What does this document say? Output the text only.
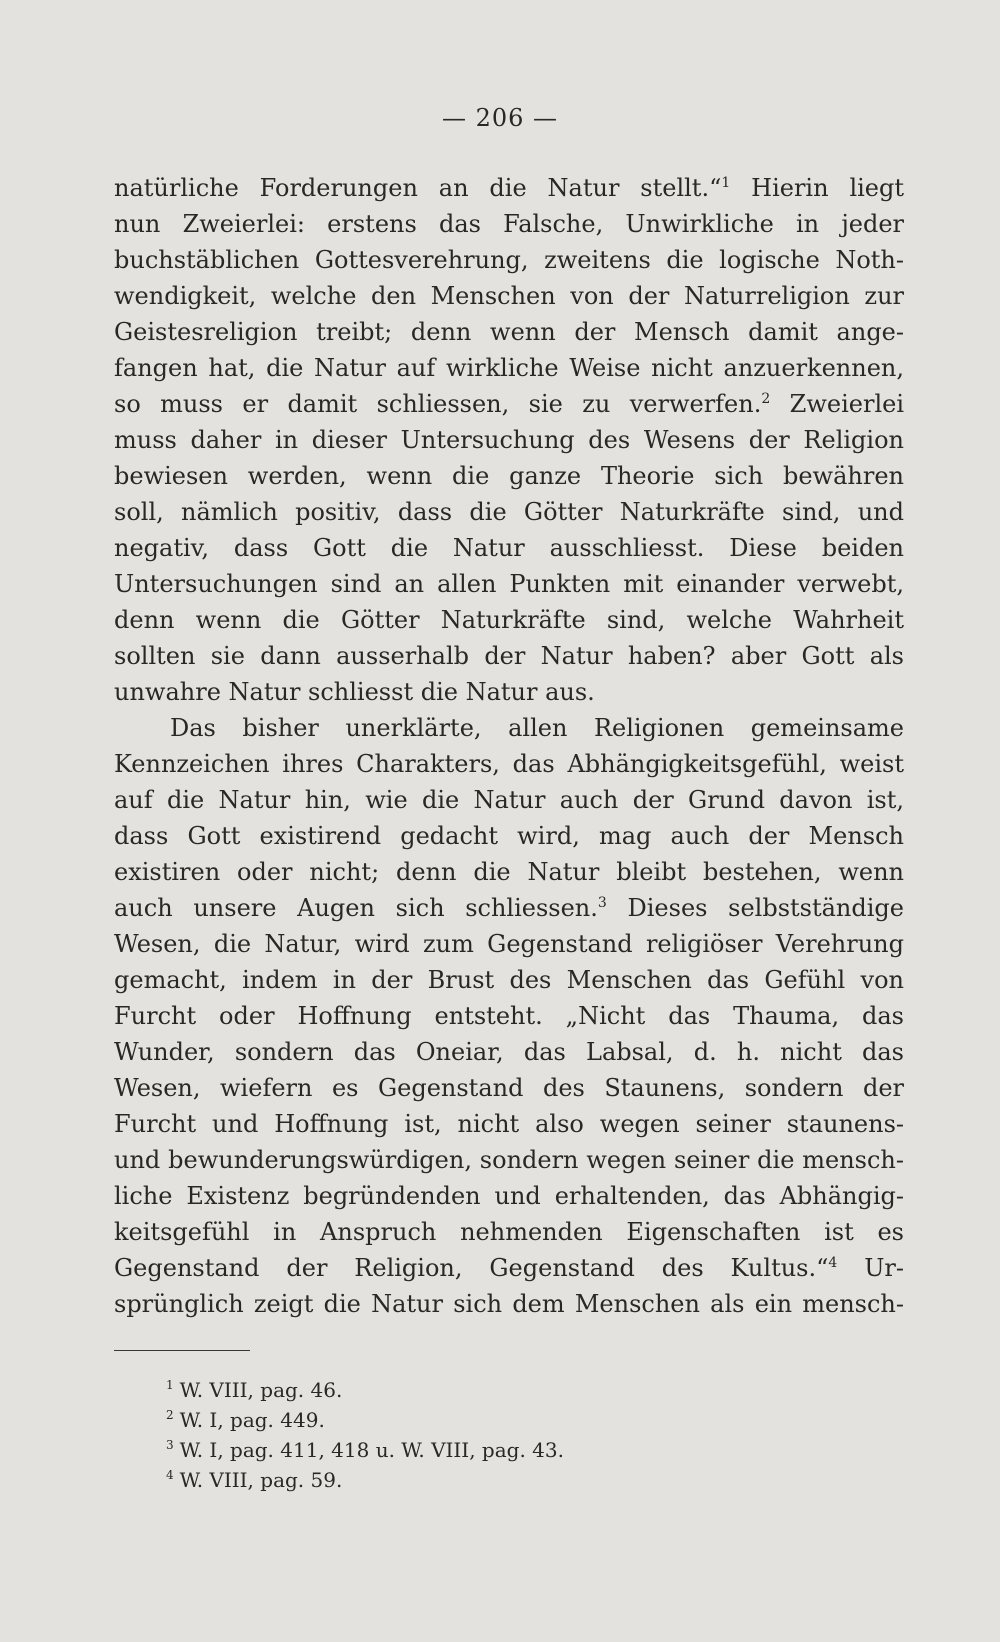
— 206 —
natürliche Forderungen an die Natur stellt.“$^1$ Hierin liegt
nun Zweierlei: erstens das Falsche, Unwirkliche in jeder
buchstäblichen Gottesverehrung, zweitens die logische Noth-
wendigkeit, welche den Menschen von der Naturreligion zur
Geistesreligion treibt; denn wenn der Mensch damit ange-
fangen hat, die Natur auf wirkliche Weise nicht anzuerkennen,
so muss er damit schliessen, sie zu verwerfen.$^2$ Zweierlei
muss daher in dieser Untersuchung des Wesens der Religion
bewiesen werden, wenn die ganze Theorie sich bewähren
soll, nämlich positiv, dass die Götter Naturkräfte sind, und
negativ, dass Gott die Natur ausschliesst. Diese beiden
Untersuchungen sind an allen Punkten mit einander verwebt,
denn wenn die Götter Naturkräfte sind, welche Wahrheit
sollten sie dann ausserhalb der Natur haben? aber Gott als
unwahre Natur schliesst die Natur aus.
Das bisher unerklärte, allen Religionen gemeinsame
Kennzeichen ihres Charakters, das Abhängigkeitsgefühl, weist
auf die Natur hin, wie die Natur auch der Grund davon ist,
dass Gott existirend gedacht wird, mag auch der Mensch
existiren oder nicht; denn die Natur bleibt bestehen, wenn
auch unsere Augen sich schliessen.$^3$ Dieses selbstständige
Wesen, die Natur, wird zum Gegenstand religiöser Verehrung
gemacht, indem in der Brust des Menschen das Gefühl von
Furcht oder Hoffnung entsteht. „Nicht das Thauma, das
Wunder, sondern das Oneiar, das Labsal, d. h. nicht das
Wesen, wiefern es Gegenstand des Staunens, sondern der
Furcht und Hoffnung ist, nicht also wegen seiner staunens-
und bewunderungswürdigen, sondern wegen seiner die mensch-
liche Existenz begründenden und erhaltenden, das Abhängig-
keitsgefühl in Anspruch nehmenden Eigenschaften ist es
Gegenstand der Religion, Gegenstand des Kultus.“$^4$ Ur-
sprünglich zeigt die Natur sich dem Menschen als ein mensch-
$^1$ W. VIII, pag. 46.
$^2$ W. I, pag. 449.
$^3$ W. I, pag. 411, 418 u. W. VIII, pag. 43.
$^4$ W. VIII, pag. 59.
